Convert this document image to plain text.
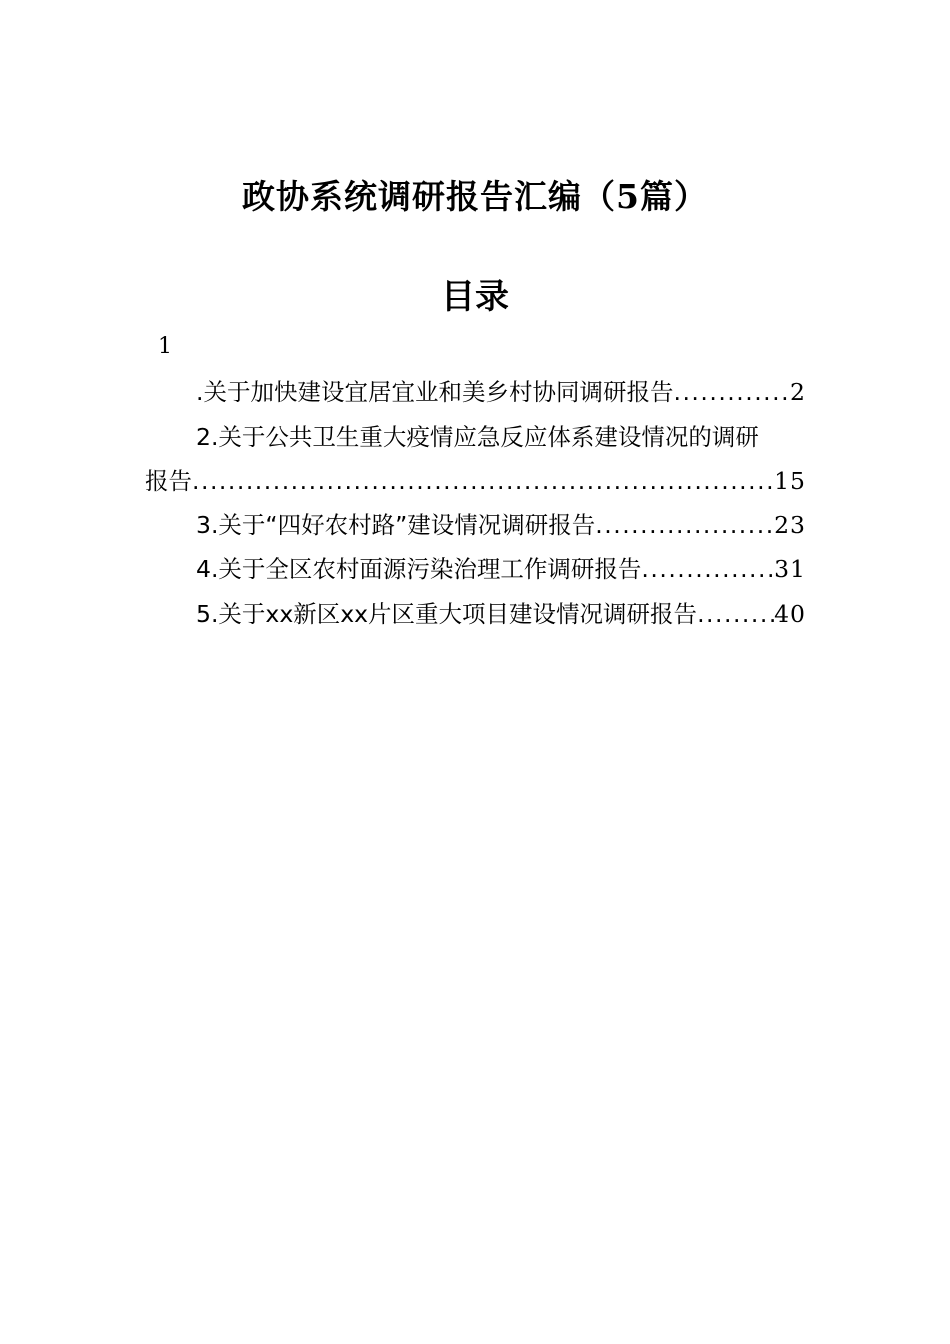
政协系统调研报告汇编（5篇）
目录
1
.关于加快建设宜居宜业和美乡村协同调研报告 .....	2
2.关于公共卫生重大疫情应急反应体系建设情况的调研
报告 .....	15
3.关于“四好农村路”建设情况调研报告 .....	23
4.关于全区农村面源污染治理工作调研报告 .....	31
5.关于xx新区xx片区重大项目建设情况调研报告 .....	40
